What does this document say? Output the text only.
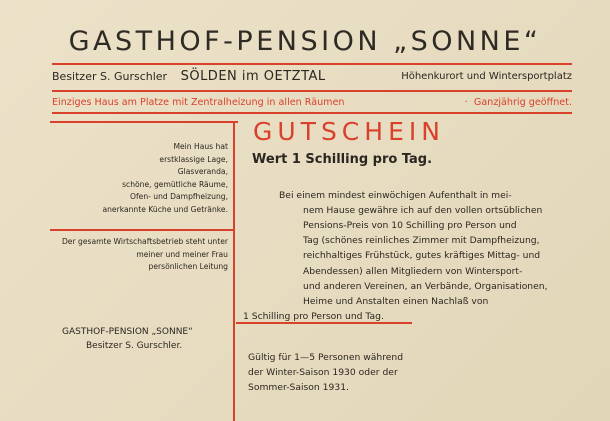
GASTHOF-PENSION „SONNE“
Besitzer S. Gurschler SÖLDEN im OETZTAL	Höhenkurort und Wintersportplatz
Einziges Haus am Platze mit Zentralheizung in allen Räumen	· Ganzjährig geöffnet.
Mein Haus hat
erstklassige Lage,
Glasveranda,
schöne, gemütliche Räume,
Ofen- und Dampfheizung,
anerkannte Küche und Getränke.
Der gesamte Wirtschaftsbetrieb steht unter
meiner und meiner Frau
persönlichen Leitung
GASTHOF-PENSION „SONNE“
Besitzer S. Gurschler.
GUTSCHEIN
Wert 1 Schilling pro Tag.
Bei einem mindest einwöchigen Aufenthalt in mei-
nem Hause gewähre ich auf den vollen ortsüblichen
Pensions-Preis von 10 Schilling pro Person und
Tag (schönes reinliches Zimmer mit Dampfheizung,
reichhaltiges Frühstück, gutes kräftiges Mittag- und
Abendessen) allen Mitgliedern von Wintersport-
und anderen Vereinen, an Verbände, Organisationen,
Heime und Anstalten einen Nachlaß von
1 Schilling pro Person und Tag.
Gültig für 1—5 Personen während
der Winter-Saison 1930 oder der
Sommer-Saison 1931.
